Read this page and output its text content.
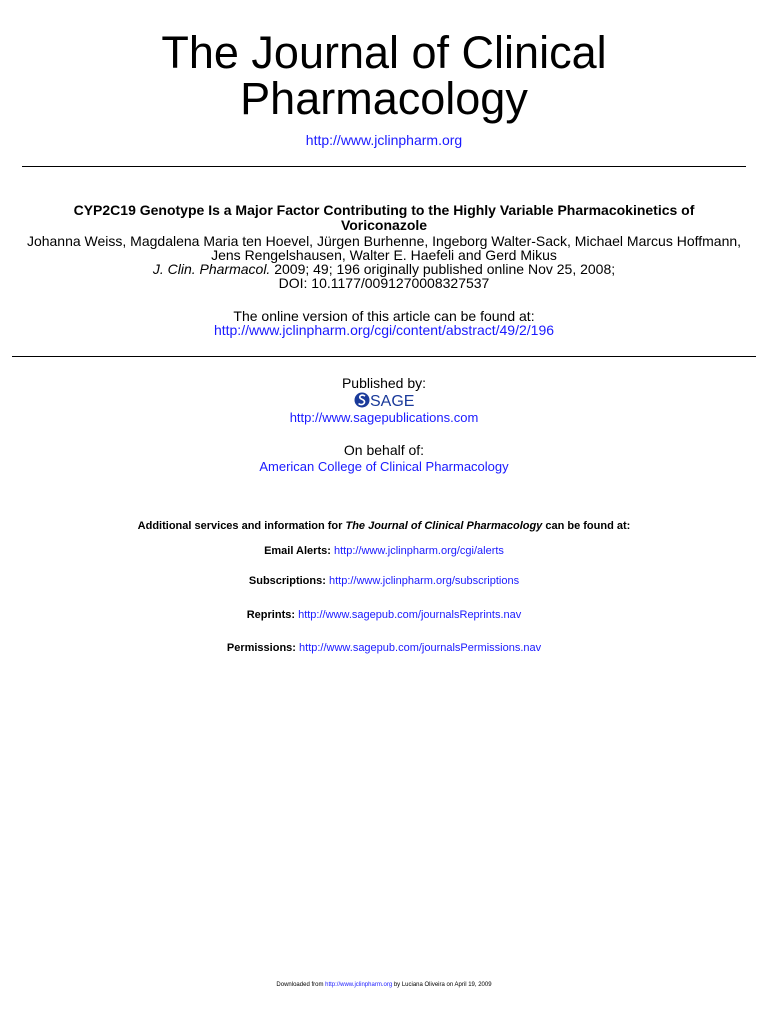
The Journal of Clinical
Pharmacology
http://www.jclinpharm.org
CYP2C19 Genotype Is a Major Factor Contributing to the Highly Variable Pharmacokinetics of
Voriconazole
Johanna Weiss, Magdalena Maria ten Hoevel, Jürgen Burhenne, Ingeborg Walter-Sack, Michael Marcus Hoffmann,
Jens Rengelshausen, Walter E. Haefeli and Gerd Mikus
J. Clin. Pharmacol. 2009; 49; 196 originally published online Nov 25, 2008;
DOI: 10.1177/0091270008327537
The online version of this article can be found at:
http://www.jclinpharm.org/cgi/content/abstract/49/2/196
Published by:
SAGE
http://www.sagepublications.com
On behalf of:
American College of Clinical Pharmacology
Additional services and information for The Journal of Clinical Pharmacology can be found at:
Email Alerts: http://www.jclinpharm.org/cgi/alerts
Subscriptions: http://www.jclinpharm.org/subscriptions
Reprints: http://www.sagepub.com/journalsReprints.nav
Permissions: http://www.sagepub.com/journalsPermissions.nav
Downloaded from http://www.jclinpharm.org by Luciana Oliveira on April 19, 2009
